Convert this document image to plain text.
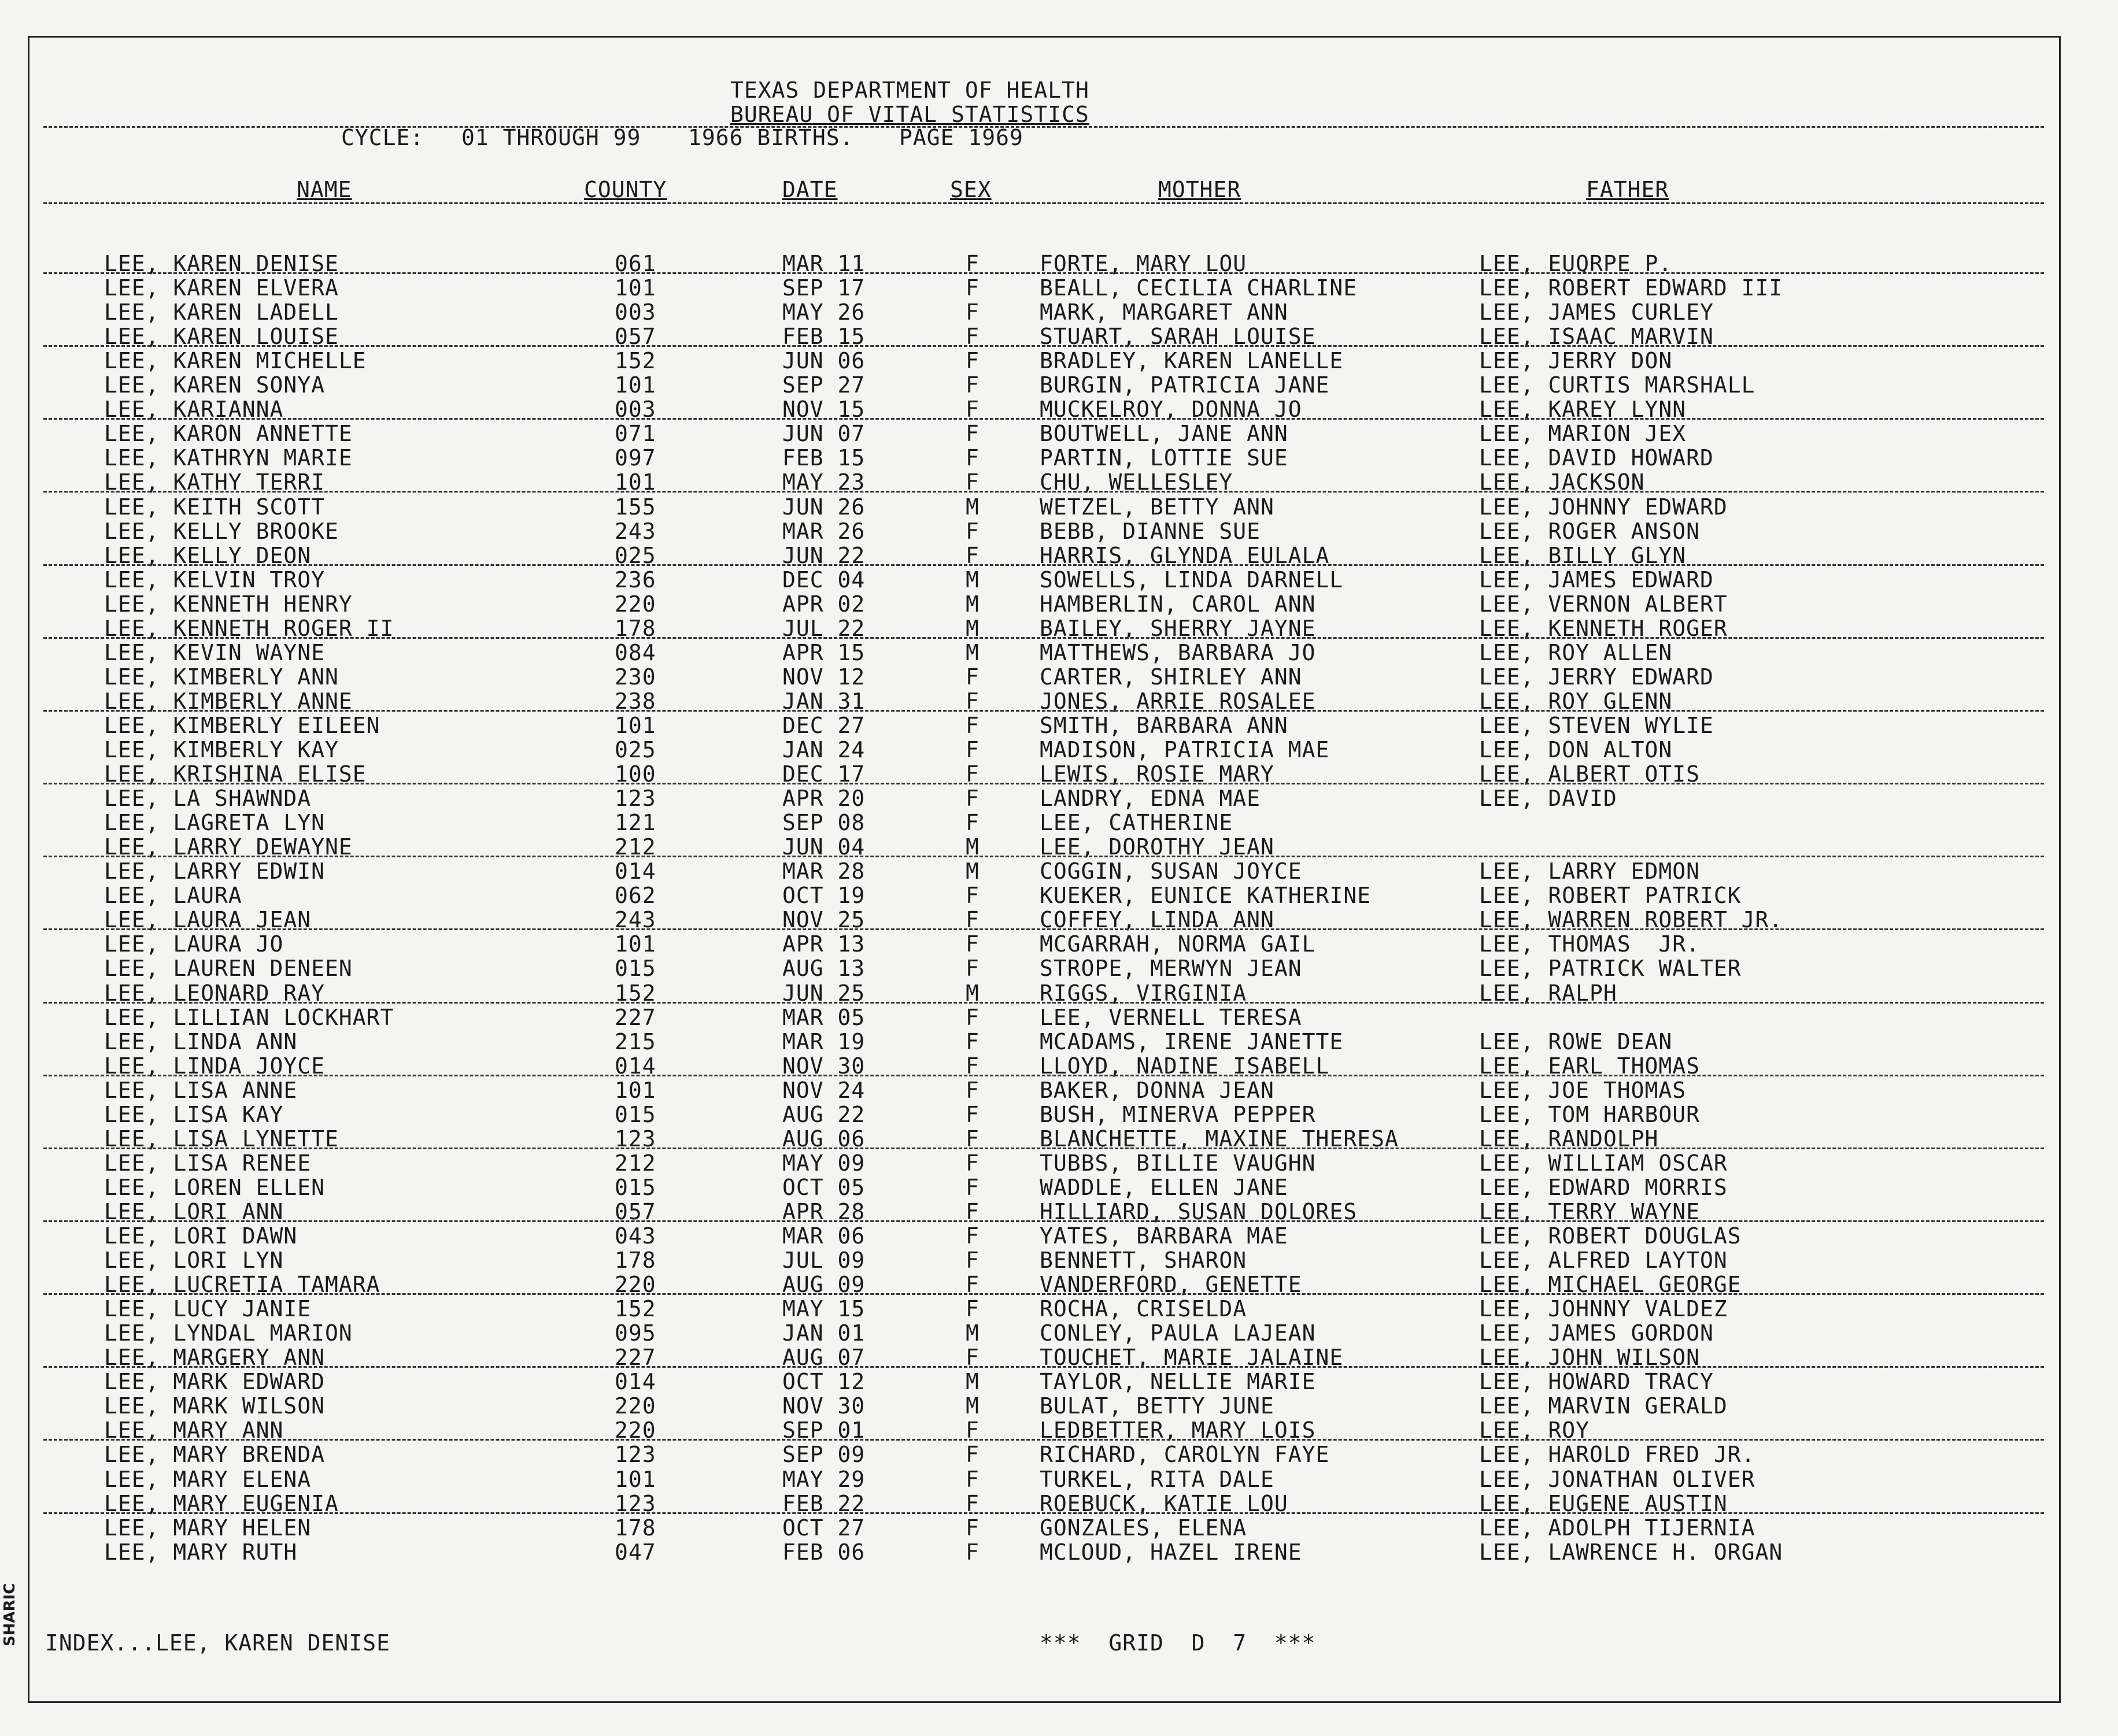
TEXAS DEPARTMENT OF HEALTH
BUREAU OF VITAL STATISTICS
CYCLE: 01 THROUGH 99 1966 BIRTHS. PAGE 1969
NAME	COUNTY	DATE	SEX	MOTHER	FATHER
LEE, KAREN DENISE	061	MAR 11	F	FORTE, MARY LOU	LEE, EUQRPE P.
LEE, KAREN ELVERA	101	SEP 17	F	BEALL, CECILIA CHARLINE	LEE, ROBERT EDWARD III
LEE, KAREN LADELL	003	MAY 26	F	MARK, MARGARET ANN	LEE, JAMES CURLEY
LEE, KAREN LOUISE	057	FEB 15	F	STUART, SARAH LOUISE	LEE, ISAAC MARVIN
LEE, KAREN MICHELLE	152	JUN 06	F	BRADLEY, KAREN LANELLE	LEE, JERRY DON
LEE, KAREN SONYA	101	SEP 27	F	BURGIN, PATRICIA JANE	LEE, CURTIS MARSHALL
LEE, KARIANNA	003	NOV 15	F	MUCKELROY, DONNA JO	LEE, KAREY LYNN
LEE, KARON ANNETTE	071	JUN 07	F	BOUTWELL, JANE ANN	LEE, MARION JEX
LEE, KATHRYN MARIE	097	FEB 15	F	PARTIN, LOTTIE SUE	LEE, DAVID HOWARD
LEE, KATHY TERRI	101	MAY 23	F	CHU, WELLESLEY	LEE, JACKSON
LEE, KEITH SCOTT	155	JUN 26	M	WETZEL, BETTY ANN	LEE, JOHNNY EDWARD
LEE, KELLY BROOKE	243	MAR 26	F	BEBB, DIANNE SUE	LEE, ROGER ANSON
LEE, KELLY DEON	025	JUN 22	F	HARRIS, GLYNDA EULALA	LEE, BILLY GLYN
LEE, KELVIN TROY	236	DEC 04	M	SOWELLS, LINDA DARNELL	LEE, JAMES EDWARD
LEE, KENNETH HENRY	220	APR 02	M	HAMBERLIN, CAROL ANN	LEE, VERNON ALBERT
LEE, KENNETH ROGER II	178	JUL 22	M	BAILEY, SHERRY JAYNE	LEE, KENNETH ROGER
LEE, KEVIN WAYNE	084	APR 15	M	MATTHEWS, BARBARA JO	LEE, ROY ALLEN
LEE, KIMBERLY ANN	230	NOV 12	F	CARTER, SHIRLEY ANN	LEE, JERRY EDWARD
LEE, KIMBERLY ANNE	238	JAN 31	F	JONES, ARRIE ROSALEE	LEE, ROY GLENN
LEE, KIMBERLY EILEEN	101	DEC 27	F	SMITH, BARBARA ANN	LEE, STEVEN WYLIE
LEE, KIMBERLY KAY	025	JAN 24	F	MADISON, PATRICIA MAE	LEE, DON ALTON
LEE, KRISHINA ELISE	100	DEC 17	F	LEWIS, ROSIE MARY	LEE, ALBERT OTIS
LEE, LA SHAWNDA	123	APR 20	F	LANDRY, EDNA MAE	LEE, DAVID
LEE, LAGRETA LYN	121	SEP 08	F	LEE, CATHERINE
LEE, LARRY DEWAYNE	212	JUN 04	M	LEE, DOROTHY JEAN
LEE, LARRY EDWIN	014	MAR 28	M	COGGIN, SUSAN JOYCE	LEE, LARRY EDMON
LEE, LAURA	062	OCT 19	F	KUEKER, EUNICE KATHERINE	LEE, ROBERT PATRICK
LEE, LAURA JEAN	243	NOV 25	F	COFFEY, LINDA ANN	LEE, WARREN ROBERT JR.
LEE, LAURA JO	101	APR 13	F	MCGARRAH, NORMA GAIL	LEE, THOMAS  JR.
LEE, LAUREN DENEEN	015	AUG 13	F	STROPE, MERWYN JEAN	LEE, PATRICK WALTER
LEE, LEONARD RAY	152	JUN 25	M	RIGGS, VIRGINIA	LEE, RALPH
LEE, LILLIAN LOCKHART	227	MAR 05	F	LEE, VERNELL TERESA
LEE, LINDA ANN	215	MAR 19	F	MCADAMS, IRENE JANETTE	LEE, ROWE DEAN
LEE, LINDA JOYCE	014	NOV 30	F	LLOYD, NADINE ISABELL	LEE, EARL THOMAS
LEE, LISA ANNE	101	NOV 24	F	BAKER, DONNA JEAN	LEE, JOE THOMAS
LEE, LISA KAY	015	AUG 22	F	BUSH, MINERVA PEPPER	LEE, TOM HARBOUR
LEE, LISA LYNETTE	123	AUG 06	F	BLANCHETTE, MAXINE THERESA	LEE, RANDOLPH
LEE, LISA RENEE	212	MAY 09	F	TUBBS, BILLIE VAUGHN	LEE, WILLIAM OSCAR
LEE, LOREN ELLEN	015	OCT 05	F	WADDLE, ELLEN JANE	LEE, EDWARD MORRIS
LEE, LORI ANN	057	APR 28	F	HILLIARD, SUSAN DOLORES	LEE, TERRY WAYNE
LEE, LORI DAWN	043	MAR 06	F	YATES, BARBARA MAE	LEE, ROBERT DOUGLAS
LEE, LORI LYN	178	JUL 09	F	BENNETT, SHARON	LEE, ALFRED LAYTON
LEE, LUCRETIA TAMARA	220	AUG 09	F	VANDERFORD, GENETTE	LEE, MICHAEL GEORGE
LEE, LUCY JANIE	152	MAY 15	F	ROCHA, CRISELDA	LEE, JOHNNY VALDEZ
LEE, LYNDAL MARION	095	JAN 01	M	CONLEY, PAULA LAJEAN	LEE, JAMES GORDON
LEE, MARGERY ANN	227	AUG 07	F	TOUCHET, MARIE JALAINE	LEE, JOHN WILSON
LEE, MARK EDWARD	014	OCT 12	M	TAYLOR, NELLIE MARIE	LEE, HOWARD TRACY
LEE, MARK WILSON	220	NOV 30	M	BULAT, BETTY JUNE	LEE, MARVIN GERALD
LEE, MARY ANN	220	SEP 01	F	LEDBETTER, MARY LOIS	LEE, ROY
LEE, MARY BRENDA	123	SEP 09	F	RICHARD, CAROLYN FAYE	LEE, HAROLD FRED JR.
LEE, MARY ELENA	101	MAY 29	F	TURKEL, RITA DALE	LEE, JONATHAN OLIVER
LEE, MARY EUGENIA	123	FEB 22	F	ROEBUCK, KATIE LOU	LEE, EUGENE AUSTIN
LEE, MARY HELEN	178	OCT 27	F	GONZALES, ELENA	LEE, ADOLPH TIJERNIA
LEE, MARY RUTH	047	FEB 06	F	MCLOUD, HAZEL IRENE	LEE, LAWRENCE H. ORGAN
INDEX...LEE, KAREN DENISE	***  GRID  D  7  ***
SHARIC
